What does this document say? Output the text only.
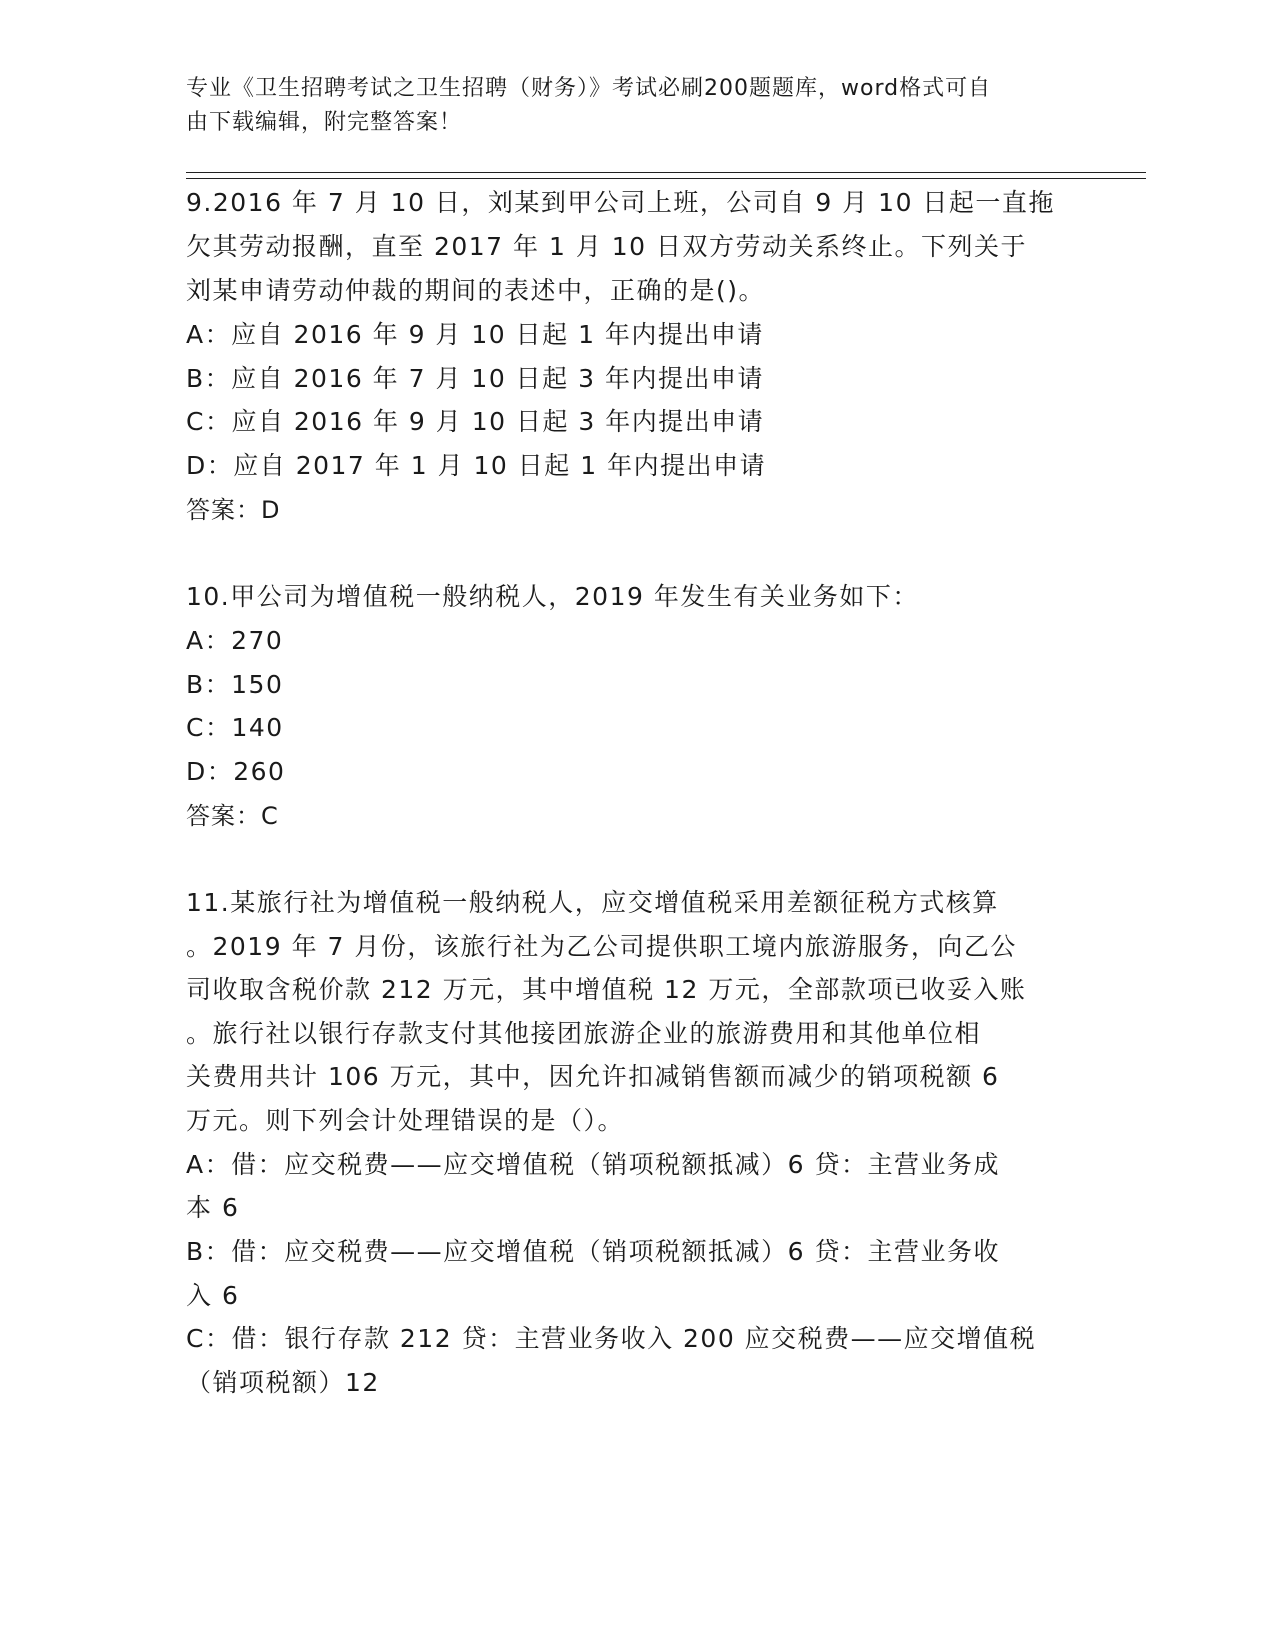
专业《卫生招聘考试之卫生招聘（财务）》考试必刷200题题库，word格式可自
由下载编辑，附完整答案！
9.2016 年 7 月 10 日，刘某到甲公司上班，公司自 9 月 10 日起一直拖
欠其劳动报酬，直至 2017 年 1 月 10 日双方劳动关系终止。下列关于
刘某申请劳动仲裁的期间的表述中，正确的是()。
A：应自 2016 年 9 月 10 日起 1 年内提出申请
B：应自 2016 年 7 月 10 日起 3 年内提出申请
C：应自 2016 年 9 月 10 日起 3 年内提出申请
D：应自 2017 年 1 月 10 日起 1 年内提出申请
答案：D
10.甲公司为增值税一般纳税人，2019 年发生有关业务如下：
A：270
B：150
C：140
D：260
答案：C
11.某旅行社为增值税一般纳税人，应交增值税采用差额征税方式核算
。2019 年 7 月份，该旅行社为乙公司提供职工境内旅游服务，向乙公
司收取含税价款 212 万元，其中增值税 12 万元，全部款项已收妥入账
。旅行社以银行存款支付其他接团旅游企业的旅游费用和其他单位相
关费用共计 106 万元，其中，因允许扣减销售额而减少的销项税额 6
万元。则下列会计处理错误的是（）。
A：借：应交税费——应交增值税（销项税额抵减）6 贷：主营业务成
本 6
B：借：应交税费——应交增值税（销项税额抵减）6 贷：主营业务收
入 6
C：借：银行存款 212 贷：主营业务收入 200 应交税费——应交增值税
（销项税额）12
